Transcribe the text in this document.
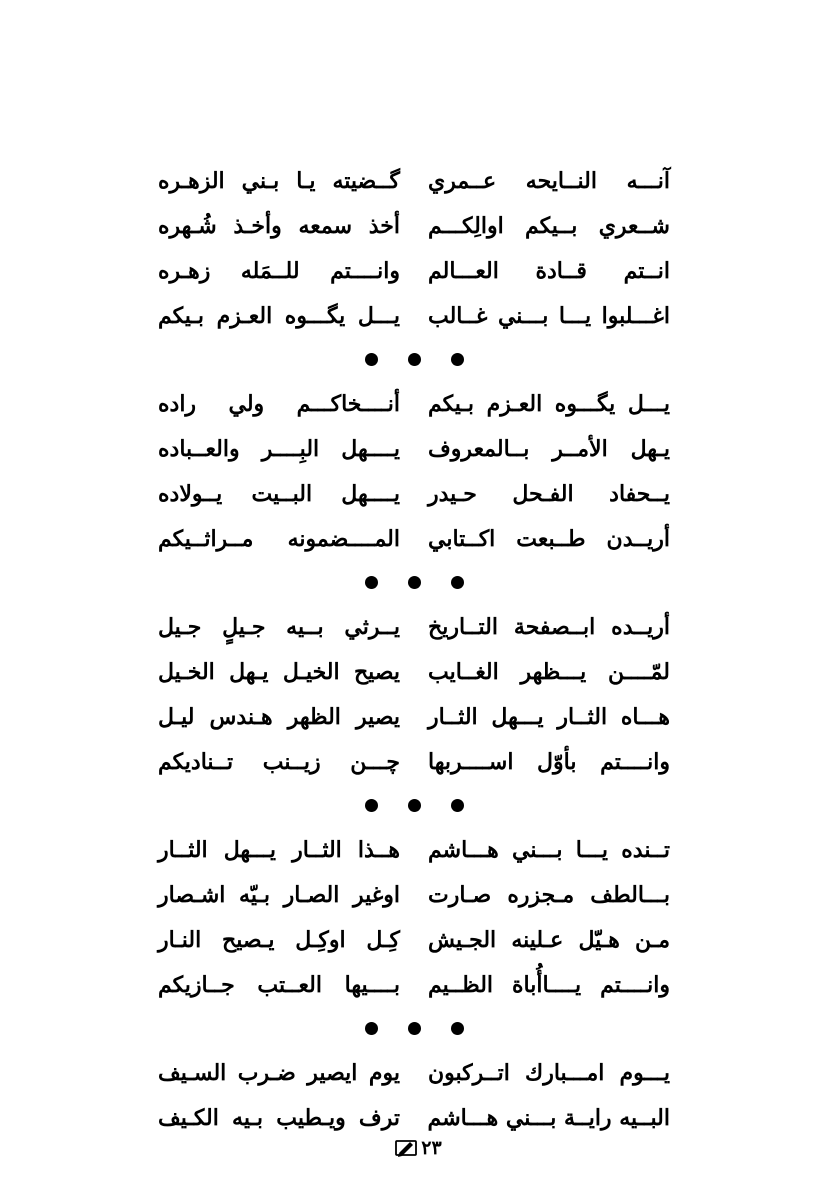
آنـــه النــايحه عــمري
گــضيته يـا بـني الزهـره
شــعري بــيكم اوالِكـــم
أخذ سمعه وأخـذ شُـهره
انــتم قــادة العـــالم
وانــــتم للــمَله زهـره
اغـــلبوا يـــا بـــني غــالب
يـــل يگـــوه العـزم بـيكم
يـــل يگـــوه العـزم بـيكم
أنــــخاكـــم ولي راده
يـهل الأمــر بــالمعروف
يــــهل البِــــر والعــباده
يــحفاد الفـحل حـيدر
يــــهل البــيت يــولاده
أريــدن طــبعت اكــتابي
المــــضمونه مــراثــيكم
أريــده ابــصفحة التــاريخ
يــرثي بــيه جـيلٍ جـيل
لمّــــن يـــظهر الغــايب
يصيح الخيـل يـهل الخـيل
هـــاه الثــار يـــهل الثــار
يصير الظهر هـندس ليـل
وانــــتم بأوّل اســــربها
چـــن زيــنب تــناديكم
تــنده يـــا بـــني هـــاشم
هــذا الثــار يـــهل الثــار
بـــالطف مـجزره صـارت
اوغير الصـار بـيّه اشـصار
مـن هـيّل عـلينه الجـيش
كِـل اوكِـل يـصيح النـار
وانــــتم يــــاأُباة الظــيم
بــــيها العــتب جــازيكم
يـــوم امـــبارك اتــركبون
يوم ايصير ضـرب السـيف
البــيه رايــة بـــني هـــاشم
ترف ويـطيب بـيه الكـيف
٢٣
